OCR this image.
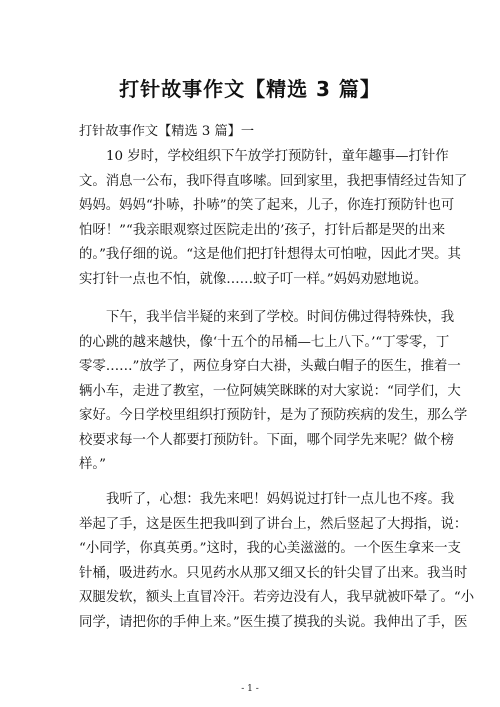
打针故事作文【精选 3 篇】
打针故事作文【精选 3 篇】一
10 岁时，学校组织下午放学打预防针，童年趣事—打针作
文。消息一公布，我吓得直哆嗦。回到家里，我把事情经过告知了
妈妈。妈妈“扑哧，扑哧”的笑了起来，儿子，你连打预防针也可
怕呀！”“我亲眼观察过医院走出的’孩子，打针后都是哭的出来
的。”我仔细的说。“这是他们把打针想得太可怕啦，因此才哭。其
实打针一点也不怕，就像……蚊子叮一样。”妈妈劝慰地说。
下午，我半信半疑的来到了学校。时间仿佛过得特殊快，我
的心跳的越来越快，像‘十五个的吊桶—七上八下。’“丁零零，丁
零零……”放学了，两位身穿白大褂，头戴白帽子的医生，推着一
辆小车，走进了教室，一位阿姨笑眯眯的对大家说：“同学们，大
家好。今日学校里组织打预防针，是为了预防疾病的发生，那么学
校要求每一个人都要打预防针。下面，哪个同学先来呢？做个榜
样。”
我听了，心想：我先来吧！妈妈说过打针一点儿也不疼。我
举起了手，这是医生把我叫到了讲台上，然后竖起了大拇指，说：
“小同学，你真英勇。”这时，我的心美滋滋的。一个医生拿来一支
针桶，吸进药水。只见药水从那又细又长的针尖冒了出来。我当时
双腿发软，额头上直冒冷汗。若旁边没有人，我早就被吓晕了。“小
同学，请把你的手伸上来。”医生摸了摸我的头说。我伸出了手，医
- 1 -
